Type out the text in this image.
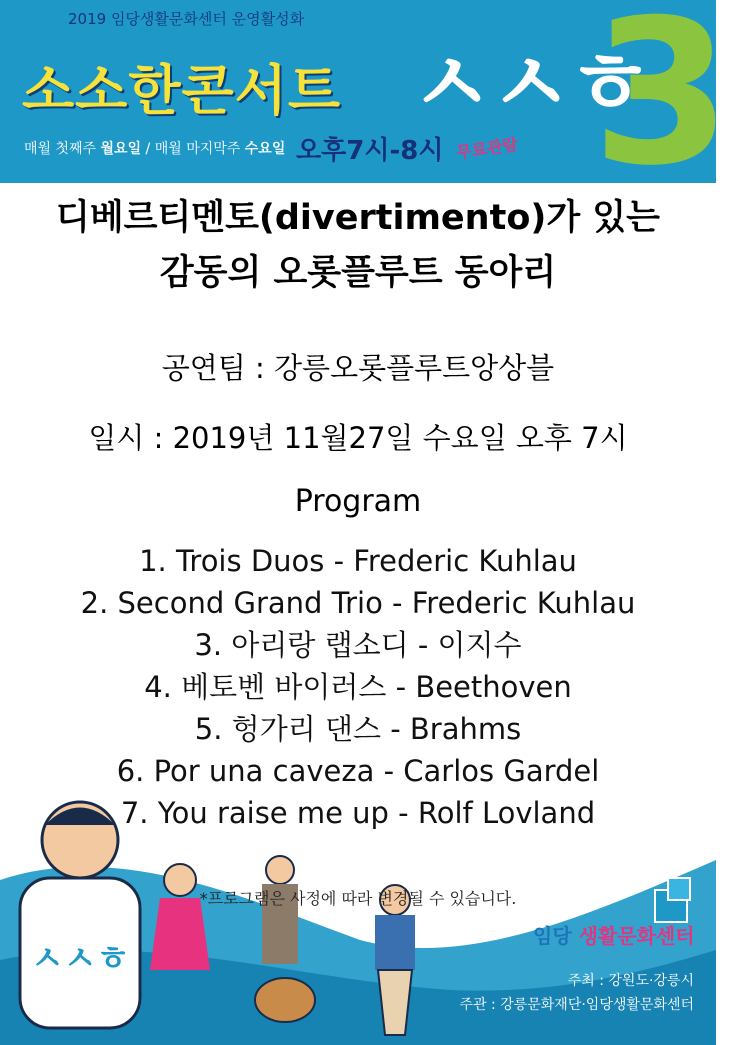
2019 임당생활문화센터 운영활성화
소소한콘서트 3
ㅅㅅㅎ
매월 첫째주 월요일 / 매월 마지막주 수요일 오후7시-8시 무료관람
디베르티멘토(divertimento)가 있는
감동의 오롯플루트 동아리
공연팀 : 강릉오롯플루트앙상블
일시 : 2019년 11월27일 수요일 오후 7시
Program
1. Trois Duos - Frederic Kuhlau
2. Second Grand Trio - Frederic Kuhlau
3. 아리랑 랩소디 - 이지수
4. 베토벤 바이러스 - Beethoven
5. 헝가리 댄스 - Brahms
6. Por una caveza - Carlos Gardel
7. You raise me up - Rolf Lovland
ㅅㅅㅎ
*프로그램은 사정에 따라 변경될 수 있습니다.
임당 생활문화센터
주최 : 강원도·강릉시
주관 : 강릉문화재단·임당생활문화센터
